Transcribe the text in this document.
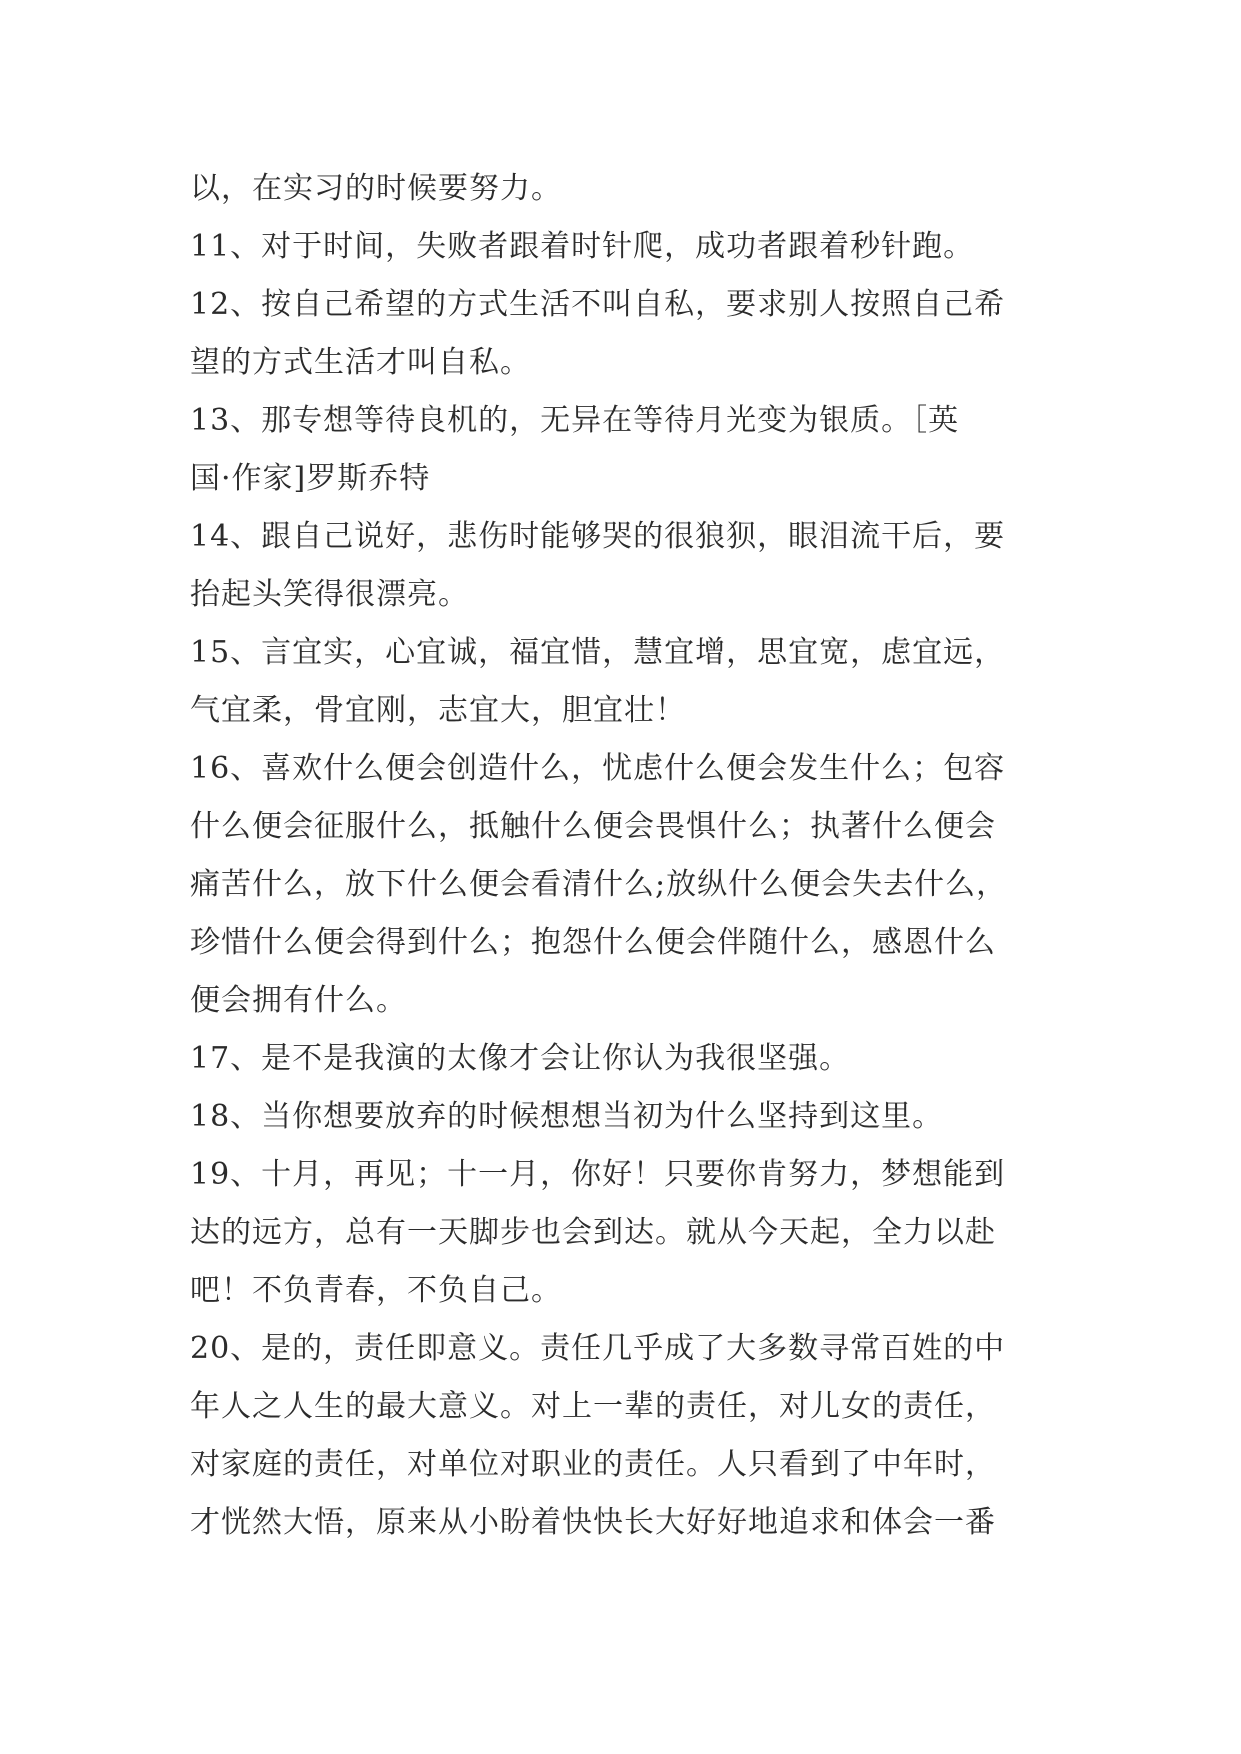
以，在实习的时候要努力。
11、对于时间，失败者跟着时针爬，成功者跟着秒针跑。
12、按自己希望的方式生活不叫自私，要求别人按照自己希
望的方式生活才叫自私。
13、那专想等待良机的，无异在等待月光变为银质。［英
国·作家]罗斯乔特
14、跟自己说好，悲伤时能够哭的很狼狈，眼泪流干后，要
抬起头笑得很漂亮。
15、言宜实，心宜诚，福宜惜，慧宜增，思宜宽，虑宜远，
气宜柔，骨宜刚，志宜大，胆宜壮！
16、喜欢什么便会创造什么，忧虑什么便会发生什么；包容
什么便会征服什么，抵触什么便会畏惧什么；执著什么便会
痛苦什么，放下什么便会看清什么;放纵什么便会失去什么，
珍惜什么便会得到什么；抱怨什么便会伴随什么，感恩什么
便会拥有什么。
17、是不是我演的太像才会让你认为我很坚强。
18、当你想要放弃的时候想想当初为什么坚持到这里。
19、十月，再见；十一月，你好！只要你肯努力，梦想能到
达的远方，总有一天脚步也会到达。就从今天起，全力以赴
吧！不负青春，不负自己。
20、是的，责任即意义。责任几乎成了大多数寻常百姓的中
年人之人生的最大意义。对上一辈的责任，对儿女的责任，
对家庭的责任，对单位对职业的责任。人只看到了中年时，
才恍然大悟，原来从小盼着快快长大好好地追求和体会一番
